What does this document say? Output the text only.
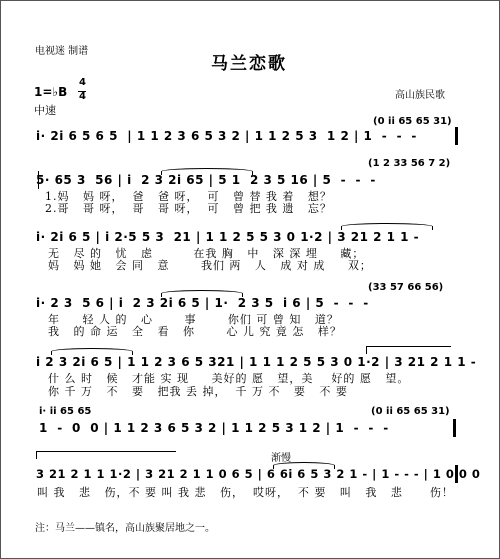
电视迷 制谱
马兰恋歌
1=♭B
4
4
中速
高山族民歌
(0 ii 65 65 31)
i· 2i 6 5 6 5  | 1 1 2 3 6 5 3 2 | 1 1 2 5 3  1 2 | 1  -  -  -
(1 2 33 56 7 2)
5· 65 3  56 | i  2 3 2i 65 | 5 1  2 3 5 16 | 5  -  -  -
1.妈   妈 呀，  爸   爸 呀，  可   曾 替 我 着   想？
2.哥   哥 呀，  哥   哥 呀，  可   曾 把 我 遗   忘？
i· 2i 6 5 | i 2·5 5 3  21 | 1 1 2 5 5 3 0 1·2 | 3 21 2 1 1 -
无   尽 的   忧   虑         在我 胸   中   深 深 埋     藏；
妈   妈 她   会 同   意       我们 两   人   成 对 成     双；
(33 57 66 56)
i· 2 3  5 6 | i  2 3 2i 6 5 | 1·  2 3 5  i 6 | 5  -  -  -
年     轻 人 的   心       事       你们 可 曾 知   道？
我   的 命 运   全   看   你       心 儿 究 竟 怎   样？
i 2 3 2i 6 5 | 1 1 2 3 6 5 321 | 1 1 1 2 5 5 3 0 1·2 | 3 21 2 1 1 -
什 么 时   候   才能 实 现     美好的 愿   望，美    好的 愿   望。
你 千 万   不   要   把我 丢 掉，  千 万 不   要   不 要
i· ii 65 65	(0 ii 65 65 31)
1  -  0  0 | 1 1 2 3 6 5 3 2 | 1 1 2 5 3 1 2 | 1  -  -  -
渐慢
3 21 2 1 1 1·2 | 3 21 2 1 1 0 6 5 | 6 6i 6 5 3 2 1 - | 1 - - - | 1 0 0 0
叫 我   悲   伤，不 要 叫 我 悲   伤，  哎呀，  不 要   叫   我   悲      伤！
注：马兰——镇名，高山族聚居地之一。
